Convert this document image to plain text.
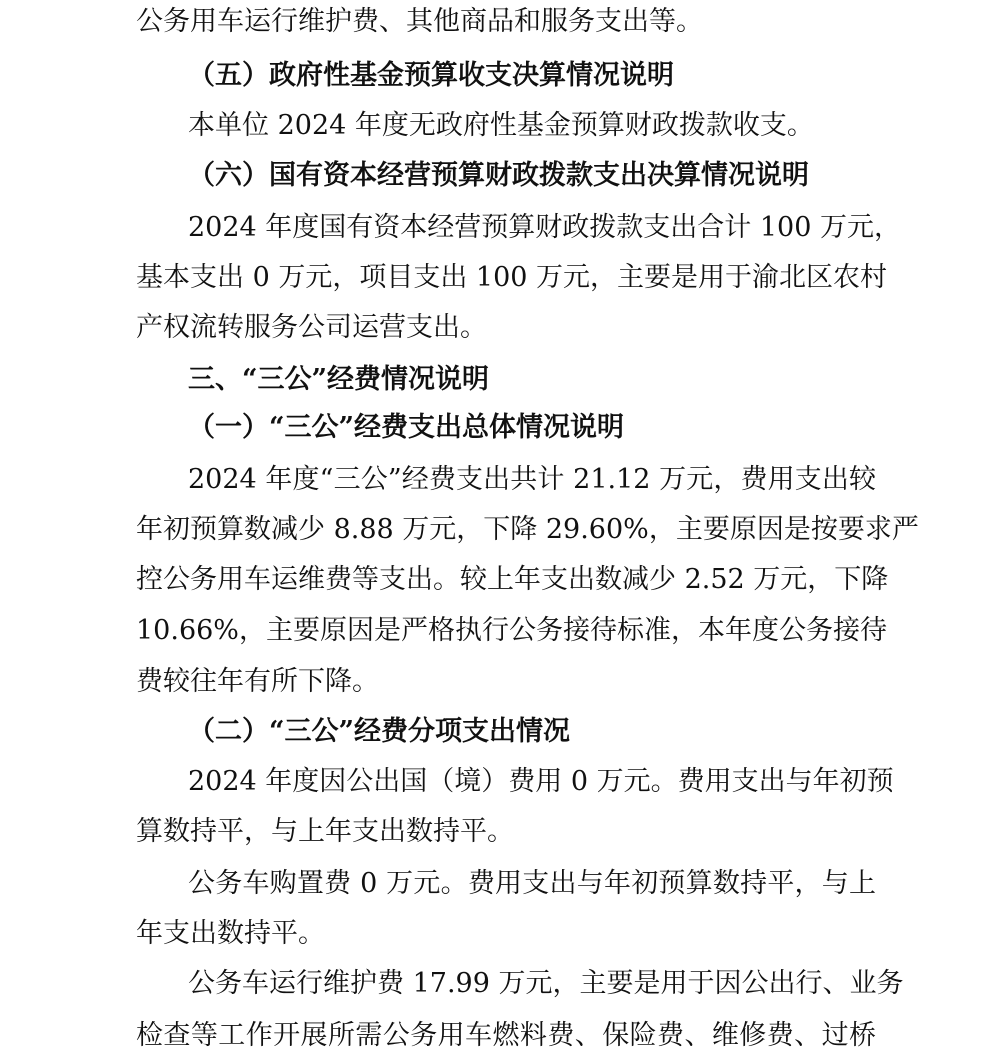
公务用车运行维护费、其他商品和服务支出等。
（五）政府性基金预算收支决算情况说明
本单位 2024 年度无政府性基金预算财政拨款收支。
（六）国有资本经营预算财政拨款支出决算情况说明
2024 年度国有资本经营预算财政拨款支出合计 100 万元，
基本支出 0 万元，项目支出 100 万元，主要是用于渝北区农村
产权流转服务公司运营支出。
三、“三公”经费情况说明
（一）“三公”经费支出总体情况说明
2024 年度“三公”经费支出共计 21.12 万元，费用支出较
年初预算数减少 8.88 万元，下降 29.60%，主要原因是按要求严
控公务用车运维费等支出。较上年支出数减少 2.52 万元，下降
10.66%，主要原因是严格执行公务接待标准，本年度公务接待
费较往年有所下降。
（二）“三公”经费分项支出情况
2024 年度因公出国（境）费用 0 万元。费用支出与年初预
算数持平，与上年支出数持平。
公务车购置费 0 万元。费用支出与年初预算数持平，与上
年支出数持平。
公务车运行维护费 17.99 万元，主要是用于因公出行、业务
检查等工作开展所需公务用车燃料费、保险费、维修费、过桥
